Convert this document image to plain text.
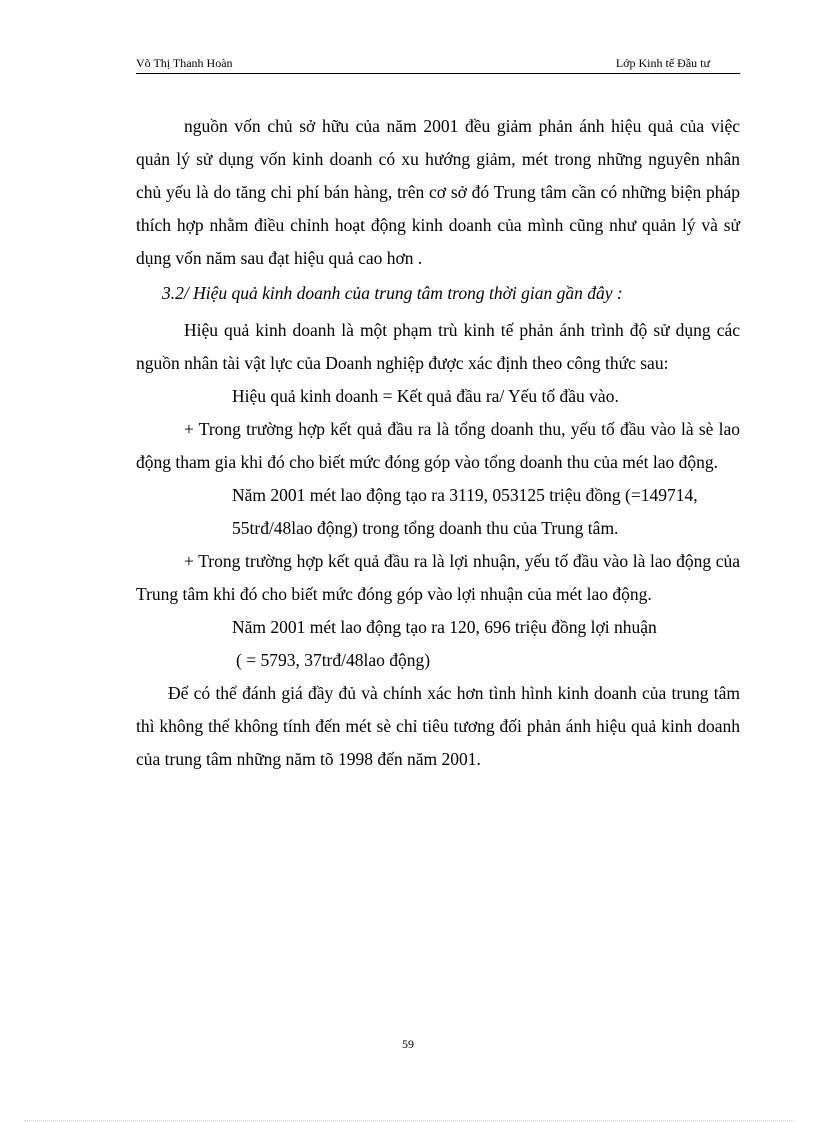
Võ Thị Thanh Hoàn	Lớp Kinh tế Đầu tư

nguồn vốn chủ sở hữu của năm 2001 đều giảm phản ánh hiệu quả của việc quản lý sử dụng vốn kinh doanh có xu hướng giảm, mét trong những nguyên nhân chủ yếu là do tăng chi phí bán hàng, trên cơ sở đó Trung tâm cần có những biện pháp thích hợp nhằm điều chỉnh hoạt động kinh doanh của mình cũng như quản lý và sử dụng vốn năm sau đạt hiệu quả cao hơn .

3.2/ Hiệu quả kinh doanh của trung tâm trong thời gian gần đây :

Hiệu quả kinh doanh là một phạm trù kinh tế phản ánh trình độ sử dụng các nguồn nhân tài vật lực của Doanh nghiệp được xác định theo công thức sau:

Hiệu quả kinh doanh = Kết quả đầu ra/ Yếu tố đầu vào.

+ Trong trường hợp kết quả đầu ra là tổng doanh thu, yếu tố đầu vào là sè lao động tham gia khi đó cho biết mức đóng góp vào tổng doanh thu của mét lao động.

Năm 2001 mét lao động tạo ra 3119, 053125 triệu đồng (=149714, 55trđ/48lao động) trong tổng doanh thu của Trung tâm.

+ Trong trường hợp kết quả đầu ra là lợi nhuận, yếu tố đầu vào là lao động của Trung tâm khi đó cho biết mức đóng góp vào lợi nhuận của mét lao động.

Năm 2001 mét lao động tạo ra 120, 696 triệu đồng lợi nhuận

( = 5793, 37trđ/48lao động)

Để có thể đánh giá đầy đủ và chính xác hơn tình hình kinh doanh của trung tâm thì không thể không tính đến mét sè chỉ tiêu tương đối phản ánh hiệu quả kinh doanh của trung tâm những năm tõ 1998 đến năm 2001.

59
